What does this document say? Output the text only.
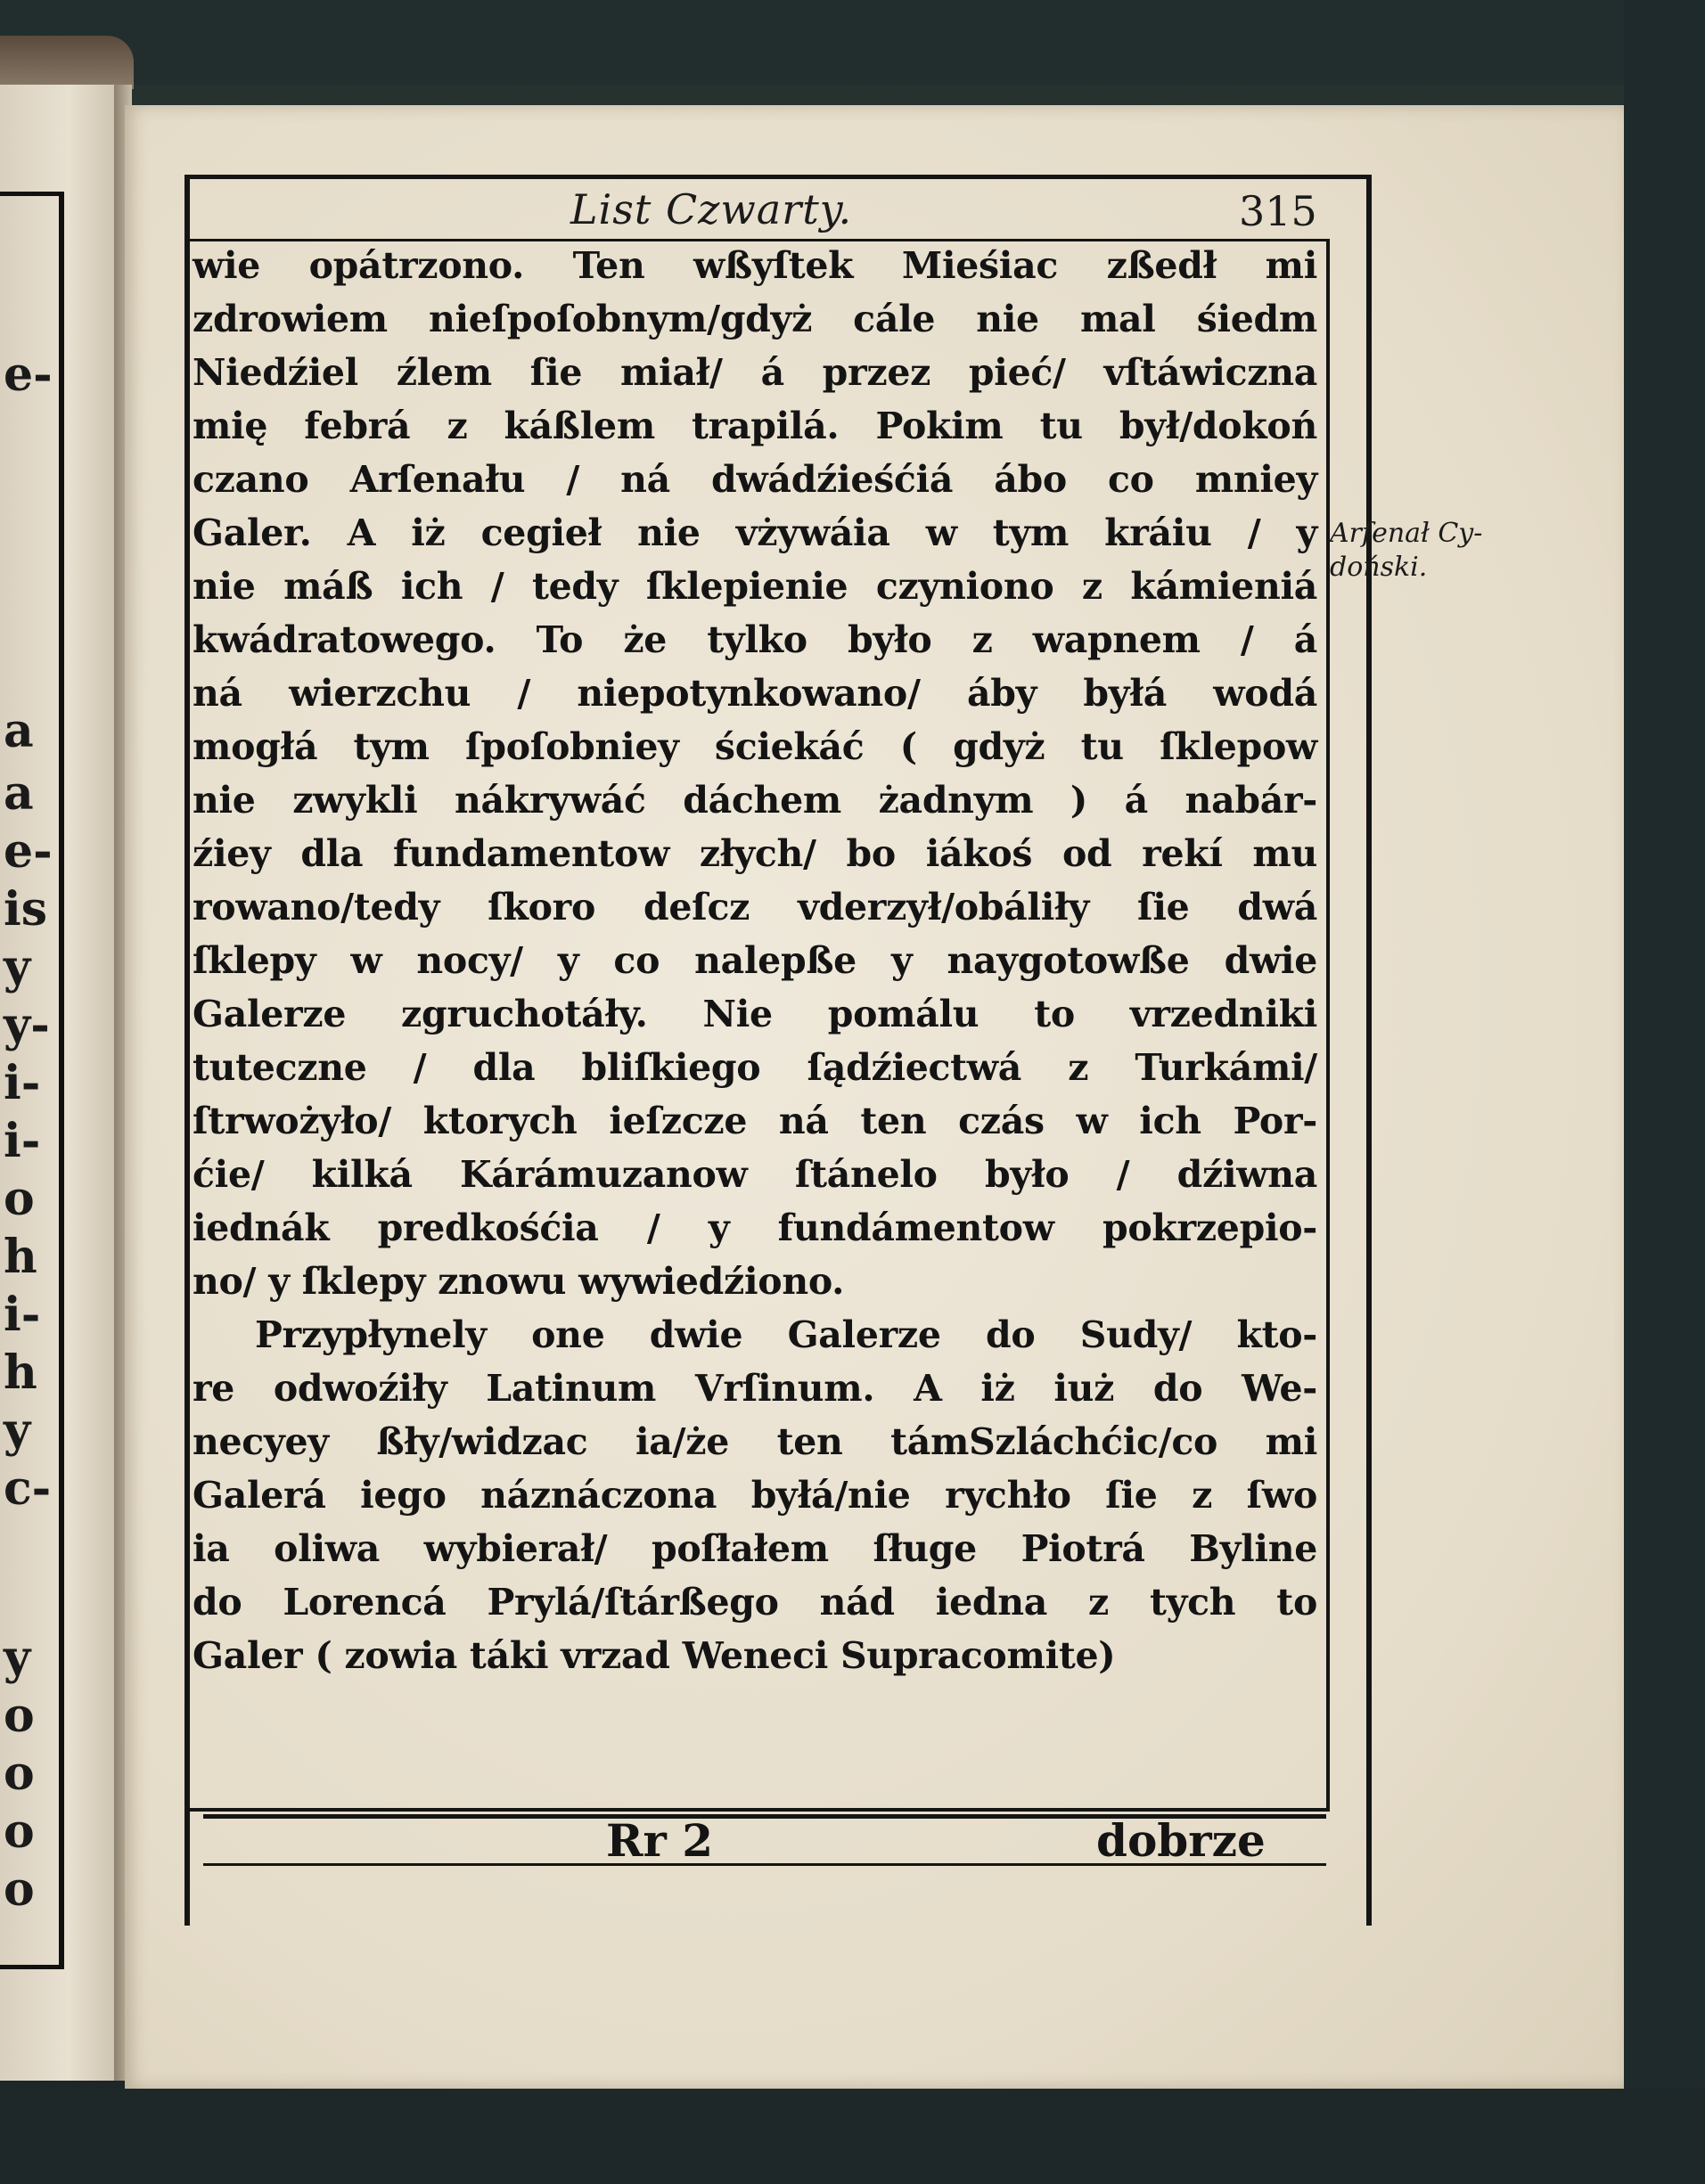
e-
a
a
e-
is
y
y-
i-
i-
o
h
i-
h
y
c-
y
o
o
o
o
List Czwarty.	315
wie opátrzono. Ten wßyſtek Mieśiac zßedł mi
zdrowiem nieſpoſobnym/gdyż cále nie mal śiedm
Niedźiel źlem ſie miał/ á przez pieć/ vſtáwiczna
mię febrá z káßlem trapilá. Pokim tu był/dokoń
czano Arſenału / ná dwádźieśćiá ábo co mniey
Galer. A iż cegieł nie vżywáia w tym kráiu / y
nie máß ich / tedy ſklepienie czyniono z kámieniá
kwádratowego. To że tylko było z wapnem / á
ná wierzchu / niepotynkowano/ áby byłá wodá
mogłá tym ſpoſobniey ściekáć ( gdyż tu ſklepow
nie zwykli nákrywáć dáchem żadnym ) á nabár-
źiey dla fundamentow złych/ bo iákoś od rekí mu
rowano/tedy ſkoro deſcz vderzył/obáliły ſie dwá
ſklepy w nocy/ y co nalepße y naygotowße dwie
Galerze zgruchotáły. Nie pomálu to vrzedniki
tuteczne / dla bliſkiego ſądźiectwá z Turkámi/
ſtrwożyło/ ktorych ieſzcze ná ten czás w ich Por-
ćie/ kilká Kárámuzanow ſtánelo było / dźiwna
iednák predkośćia / y fundámentow pokrzepio-
no/ y ſklepy znowu wywiedźiono.
Przypłynely one dwie Galerze do Sudy/ kto-
re odwoźiły Latinum Vrſinum. A iż iuż do We-
necyey ßły/widzac ia/że ten támSzláchćic/co mi
Galerá iego náznáczona byłá/nie rychło ſie z ſwo
ia oliwa wybierał/ poſłałem ſługe Piotrá Byline
do Lorencá Prylá/ſtárßego nád iedna z tych to
Galer ( zowia táki vrzad Weneci Supracomite)
Arſenał Cy-
doński.
Rr 2	dobrze
